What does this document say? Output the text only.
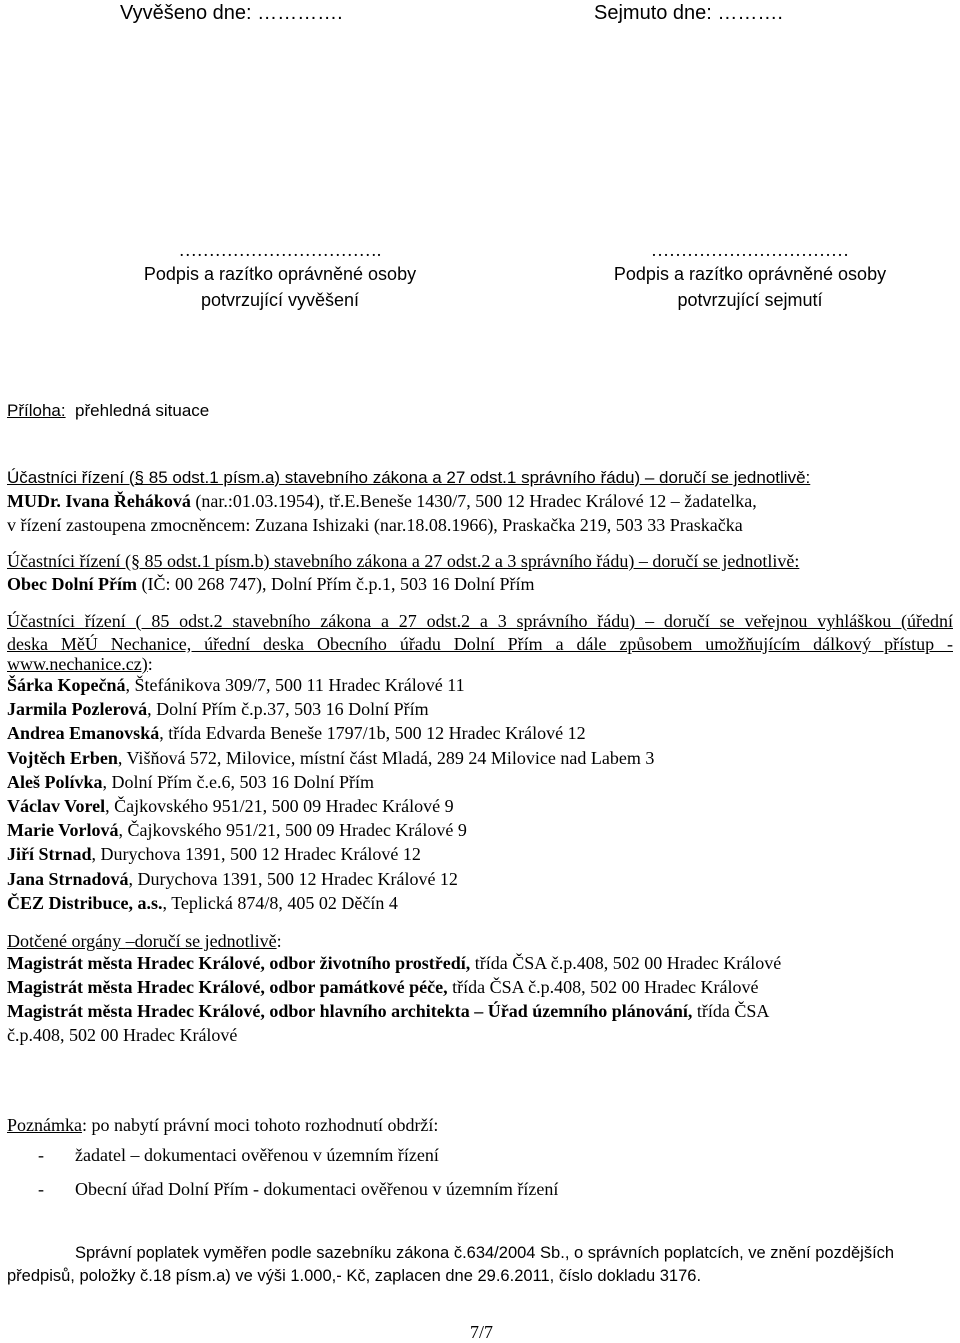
Vyvěšeno dne: ………….	Sejmuto dne: ……….
…………………………….
Podpis a razítko oprávněné osoby
potvrzující vyvěšení
……………………………
Podpis a razítko oprávněné osoby
potvrzující sejmutí
Příloha: přehledná situace
Účastníci řízení (§ 85 odst.1 písm.a) stavebního zákona a 27 odst.1 správního řádu) – doručí se jednotlivě:
MUDr. Ivana Řeháková (nar.:01.03.1954), tř.E.Beneše 1430/7, 500 12 Hradec Králové 12 – žadatelka,
v řízení zastoupena zmocněncem: Zuzana Ishizaki (nar.18.08.1966), Praskačka 219, 503 33 Praskačka
Účastníci řízení (§ 85 odst.1 písm.b) stavebního zákona a 27 odst.2 a 3 správního řádu) – doručí se jednotlivě:
Obec Dolní Přím (IČ: 00 268 747), Dolní Přím č.p.1, 503 16 Dolní Přím
Účastníci řízení ( 85 odst.2 stavebního zákona a 27 odst.2 a 3 správního řádu) – doručí se veřejnou vyhláškou (úřední
deska MěÚ Nechanice, úřední deska Obecního úřadu Dolní Přím a dále způsobem umožňujícím dálkový přístup -
www.nechanice.cz):
Šárka Kopečná, Štefánikova 309/7, 500 11 Hradec Králové 11
Jarmila Pozlerová, Dolní Přím č.p.37, 503 16 Dolní Přím
Andrea Emanovská, třída Edvarda Beneše 1797/1b, 500 12 Hradec Králové 12
Vojtěch Erben, Višňová 572, Milovice, místní část Mladá, 289 24 Milovice nad Labem 3
Aleš Polívka, Dolní Přím č.e.6, 503 16 Dolní Přím
Václav Vorel, Čajkovského 951/21, 500 09 Hradec Králové 9
Marie Vorlová, Čajkovského 951/21, 500 09 Hradec Králové 9
Jiří Strnad, Durychova 1391, 500 12 Hradec Králové 12
Jana Strnadová, Durychova 1391, 500 12 Hradec Králové 12
ČEZ Distribuce, a.s., Teplická 874/8, 405 02 Děčín 4
Dotčené orgány –doručí se jednotlivě:
Magistrát města Hradec Králové, odbor životního prostředí, třída ČSA č.p.408, 502 00 Hradec Králové
Magistrát města Hradec Králové, odbor památkové péče, třída ČSA č.p.408, 502 00 Hradec Králové
Magistrát města Hradec Králové, odbor hlavního architekta – Úřad územního plánování, třída ČSA
č.p.408, 502 00 Hradec Králové
Poznámka: po nabytí právní moci tohoto rozhodnutí obdrží:
- žadatel – dokumentaci ověřenou v územním řízení
- Obecní úřad Dolní Přím - dokumentaci ověřenou v územním řízení
Správní poplatek vyměřen podle sazebníku zákona č.634/2004 Sb., o správních poplatcích, ve znění pozdějších
předpisů, položky č.18 písm.a) ve výši 1.000,- Kč, zaplacen dne 29.6.2011, číslo dokladu 3176.
7/7
